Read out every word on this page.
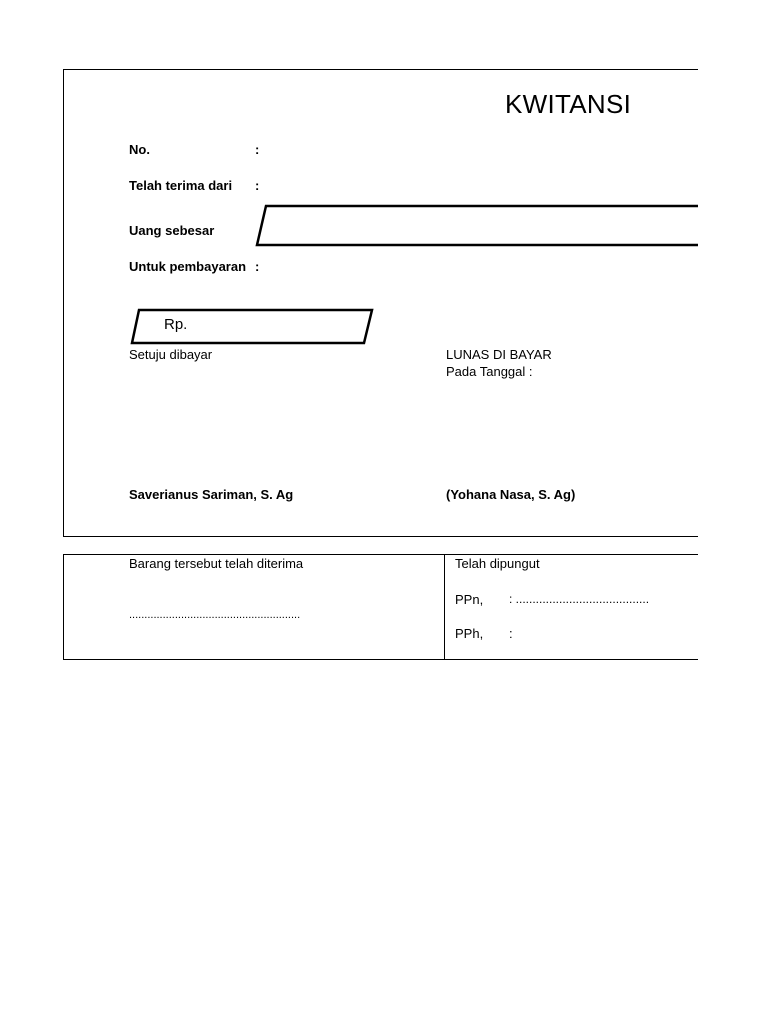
KWITANSI
No.	:
Telah terima dari :
Uang sebesar
Untuk pembayaran :
Rp.
Setuju dibayar	LUNAS DI BAYAR
Pada Tanggal :
Saverianus Sariman, S. Ag	(Yohana Nasa, S. Ag)
Barang tersebut telah diterima
........................................................
Telah dipungut
PPn, : ........................................
PPh, :
